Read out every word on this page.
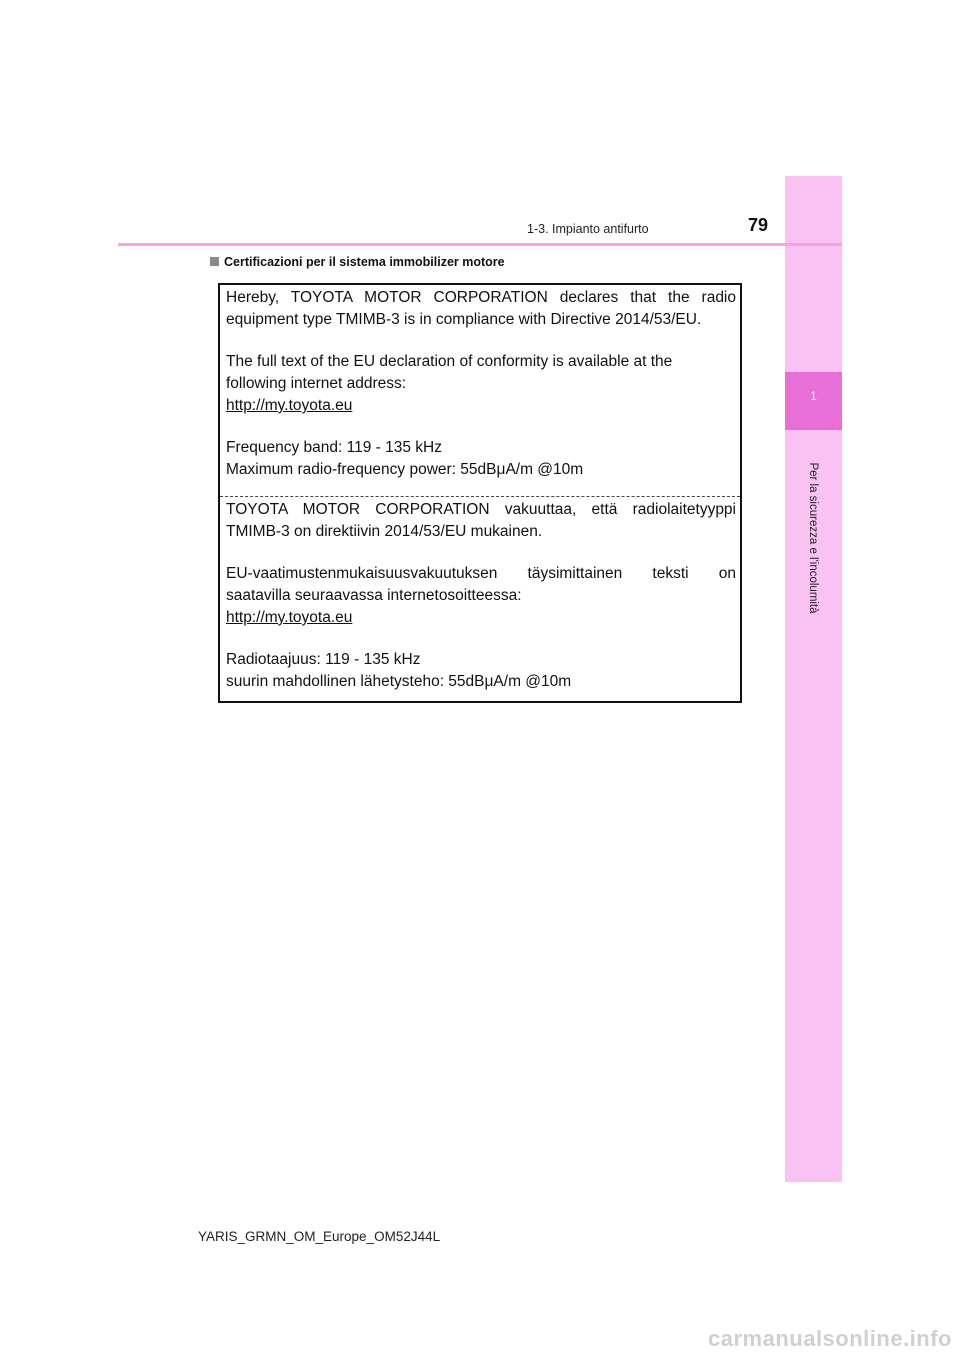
1
Per la sicurezza e l'incolumità
1-3. Impianto antifurto	79
Certificazioni per il sistema immobilizer motore

Hereby, TOYOTA MOTOR CORPORATION declares that the radio

equipment type TMIMB-3 is in compliance with Directive 2014/53/EU.

The full text of the EU declaration of conformity is available at the

following internet address:

http://my.toyota.eu

Frequency band: 119 - 135 kHz

Maximum radio-frequency power: 55dBμA/m @10m

TOYOTA MOTOR CORPORATION vakuuttaa, että radiolaitetyyppi

TMIMB-3 on direktiivin 2014/53/EU mukainen.

EU-vaatimustenmukaisuusvakuutuksen täysimittainen teksti on

saatavilla seuraavassa internetosoitteessa:

http://my.toyota.eu

Radiotaajuus: 119 - 135 kHz

suurin mahdollinen lähetysteho: 55dBμA/m @10m

YARIS_GRMN_OM_Europe_OM52J44L
carmanualsonline.info
